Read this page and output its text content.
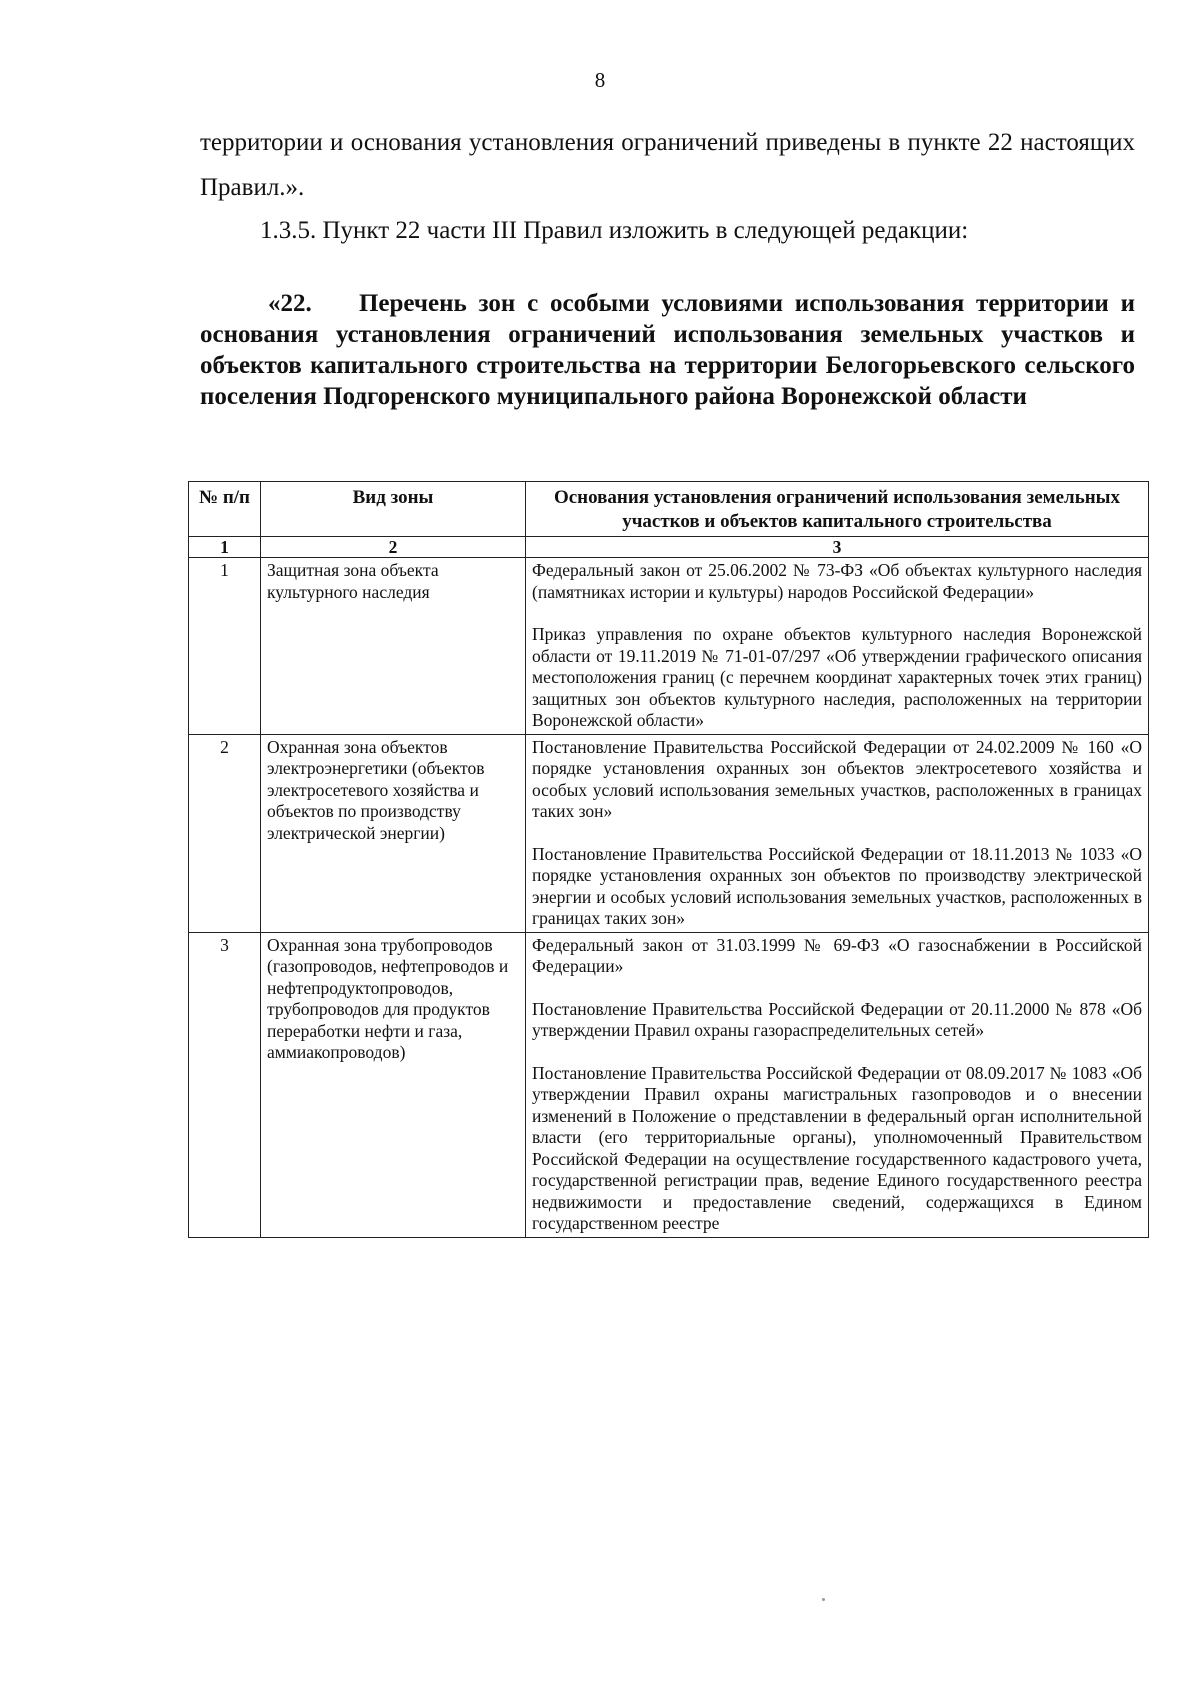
8
территории и основания установления ограничений приведены в пункте 22 настоящих Правил.».
1.3.5. Пункт 22 части III Правил изложить в следующей редакции:
«22. Перечень зон с особыми условиями использования территории и основания установления ограничений использования земельных участков и объектов капитального строительства на территории Белогорьевского сельского поселения Подгоренского муниципального района Воронежской области
№ п/п	Вид зоны	Основания установления ограничений использования земельных участков и объектов капитального строительства
1	2	3
1	Защитная зона объекта культурного наследия	Федеральный закон от 25.06.2002 № 73-ФЗ «Об объектах культурного наследия (памятниках истории и культуры) народов Российской Федерации»

Приказ управления по охране объектов культурного наследия Воронежской области от 19.11.2019 № 71-01-07/297 «Об утверждении графического описания местоположения границ (с перечнем координат характерных точек этих границ) защитных зон объектов культурного наследия, расположенных на территории Воронежской области»

2	Охранная зона объектов электроэнергетики (объектов электросетевого хозяйства и объектов по производству электрической энергии)	Постановление Правительства Российской Федерации от 24.02.2009 № 160 «О порядке установления охранных зон объектов электросетевого хозяйства и особых условий использования земельных участков, расположенных в границах таких зон»

Постановление Правительства Российской Федерации от 18.11.2013 № 1033 «О порядке установления охранных зон объектов по производству электрической энергии и особых условий использования земельных участков, расположенных в границах таких зон»

3	Охранная зона трубопроводов (газопроводов, нефтепроводов и нефтепродуктопроводов, трубопроводов для продуктов переработки нефти и газа, аммиакопроводов)	Федеральный закон от 31.03.1999 № 69-ФЗ «О газоснабжении в Российской Федерации»

Постановление Правительства Российской Федерации от 20.11.2000 № 878 «Об утверждении Правил охраны газораспределительных сетей»

Постановление Правительства Российской Федерации от 08.09.2017 № 1083 «Об утверждении Правил охраны магистральных газопроводов и о внесении изменений в Положение о представлении в федеральный орган исполнительной власти (его территориальные органы), уполномоченный Правительством Российской Федерации на осуществление государственного кадастрового учета, государственной регистрации прав, ведение Единого государственного реестра недвижимости и предоставление сведений, содержащихся в Едином государственном реестре
